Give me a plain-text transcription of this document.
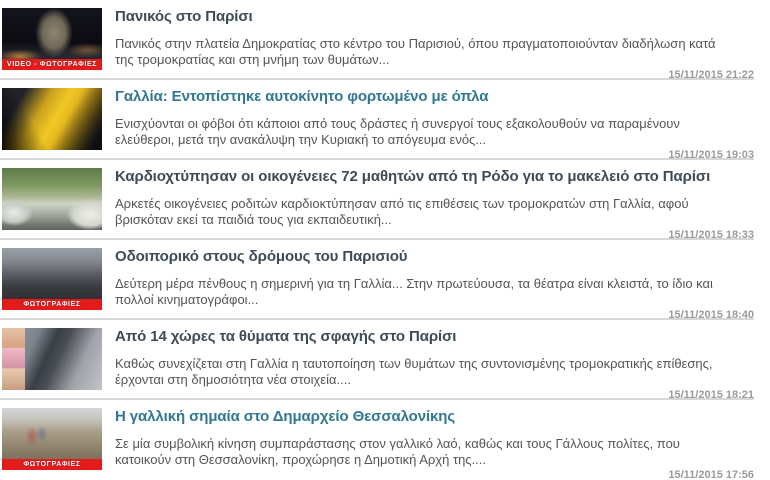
VIDEO - ΦΩΤΟΓΡΑΦΙΕΣ
Πανικός στο Παρίσι

Πανικός στην πλατεία Δημοκρατίας στο κέντρο του Παρισιού, όπου πραγματοποιούνταν διαδήλωση κατά της τρομοκρατίας και στη μνήμη των θυμάτων...

15/11/2015 21:22
Γαλλία: Εντοπίστηκε αυτοκίνητο φορτωμένο με όπλα

Ενισχύονται οι φόβοι ότι κάποιοι από τους δράστες ή συνεργοί τους εξακολουθούν να παραμένουν ελεύθεροι, μετά την ανακάλυψη την Κυριακή το απόγευμα ενός...

15/11/2015 19:03
Καρδιοχτύπησαν οι οικογένειες 72 μαθητών από τη Ρόδο για το μακελειό στο Παρίσι

Αρκετές οικογένειες ροδιτών καρδιοκτύπησαν από τις επιθέσεις των τρομοκρατών στη Γαλλία, αφού βρισκόταν εκεί τα παιδιά τους για εκπαιδευτική...

15/11/2015 18:33
ΦΩΤΟΓΡΑΦΙΕΣ
Οδοιπορικό στους δρόμους του Παρισιού

Δεύτερη μέρα πένθους η σημερινή για τη Γαλλία... Στην πρωτεύουσα, τα θέατρα είναι κλειστά, το ίδιο και πολλοί κινηματογράφοι...

15/11/2015 18:40
Από 14 χώρες τα θύματα της σφαγής στο Παρίσι

Καθώς συνεχίζεται στη Γαλλία η ταυτοποίηση των θυμάτων της συντονισμένης τρομοκρατικής επίθεσης, έρχονται στη δημοσιότητα νέα στοιχεία....

15/11/2015 18:21
ΦΩΤΟΓΡΑΦΙΕΣ
Η γαλλική σημαία στο Δημαρχείο Θεσσαλονίκης

Σε μία συμβολική κίνηση συμπαράστασης στον γαλλικό λαό, καθώς και τους Γάλλους πολίτες, που κατοικούν στη Θεσσαλονίκη, προχώρησε η Δημοτική Αρχή της....

15/11/2015 17:56
